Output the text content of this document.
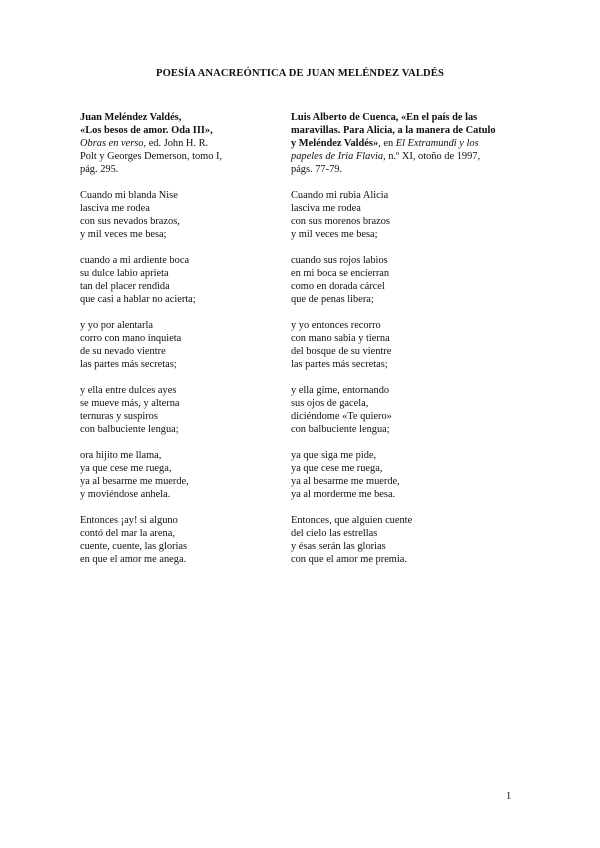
POESÍA ANACREÓNTICA DE JUAN MELÉNDEZ VALDÉS
Juan Meléndez Valdés,
«Los besos de amor. Oda III»,
Obras en verso, ed. John H. R.
Polt y Georges Demerson, tomo I,
pág. 295.
Cuando mi blanda Nise
lasciva me rodea
con sus nevados brazos,
y mil veces me besa;
cuando a mi ardiente boca
su dulce labio aprieta
tan del placer rendida
que casi a hablar no acierta;
y yo por alentarla
corro con mano inquieta
de su nevado vientre
las partes más secretas;
y ella entre dulces ayes
se mueve más, y alterna
ternuras y suspiros
con balbuciente lengua;
ora hijito me llama,
ya que cese me ruega,
ya al besarme me muerde,
y moviéndose anhela.
Entonces ¡ay! si alguno
contó del mar la arena,
cuente, cuente, las glorias
en que el amor me anega.
Luis Alberto de Cuenca, «En el país de las
maravillas. Para Alicia, a la manera de Catulo
y Meléndez Valdés», en El Extramundi y los
papeles de Iria Flavia, n.º XI, otoño de 1997,
págs. 77-79.
Cuando mi rubia Alicia
lasciva me rodea
con sus morenos brazos
y mil veces me besa;
cuando sus rojos labios
en mi boca se encierran
como en dorada cárcel
que de penas libera;
y yo entonces recorro
con mano sabia y tierna
del bosque de su vientre
las partes más secretas;
y ella gime, entornando
sus ojos de gacela,
diciéndome «Te quiero»
con balbuciente lengua;
ya que siga me pide,
ya que cese me ruega,
ya al besarme me muerde,
ya al morderme me besa.
Entonces, que alguien cuente
del cielo las estrellas
y ésas serán las glorias
con que el amor me premia.
1
